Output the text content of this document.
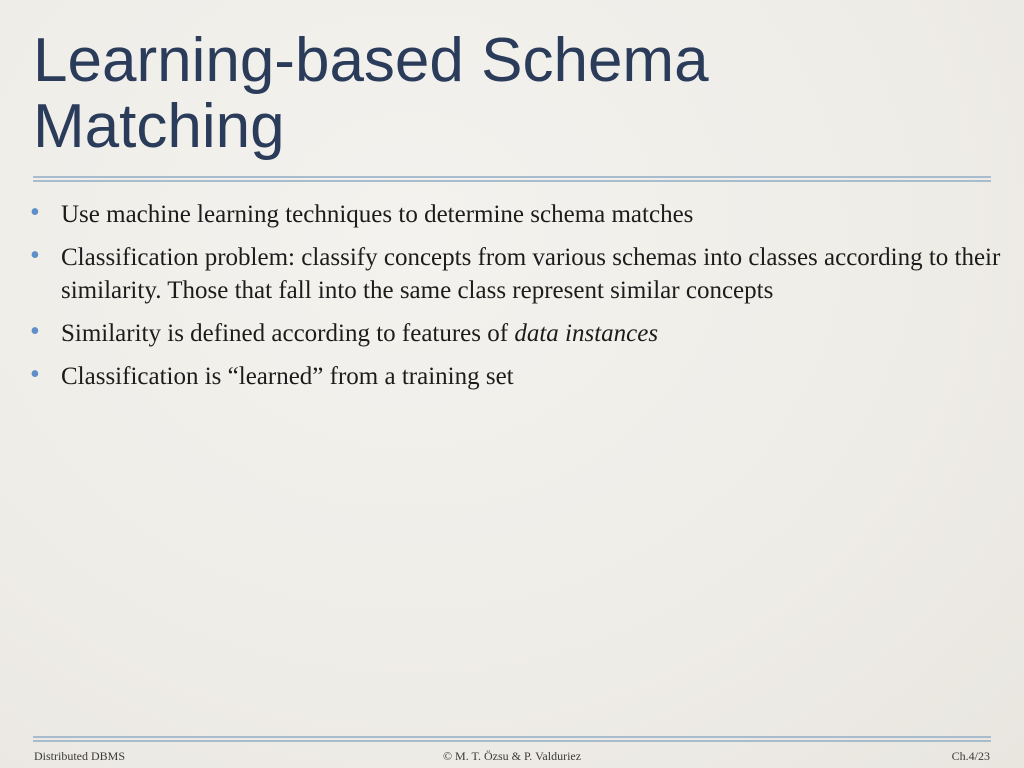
Learning-based Schema
Matching
• Use machine learning techniques to determine schema matches
• Classification problem: classify concepts from various schemas into classes according to their similarity. Those that fall into the same class represent similar concepts
• Similarity is defined according to features of data instances
• Classification is “learned” from a training set
Distributed DBMS	© M. T. Özsu & P. Valduriez	Ch.4/23
